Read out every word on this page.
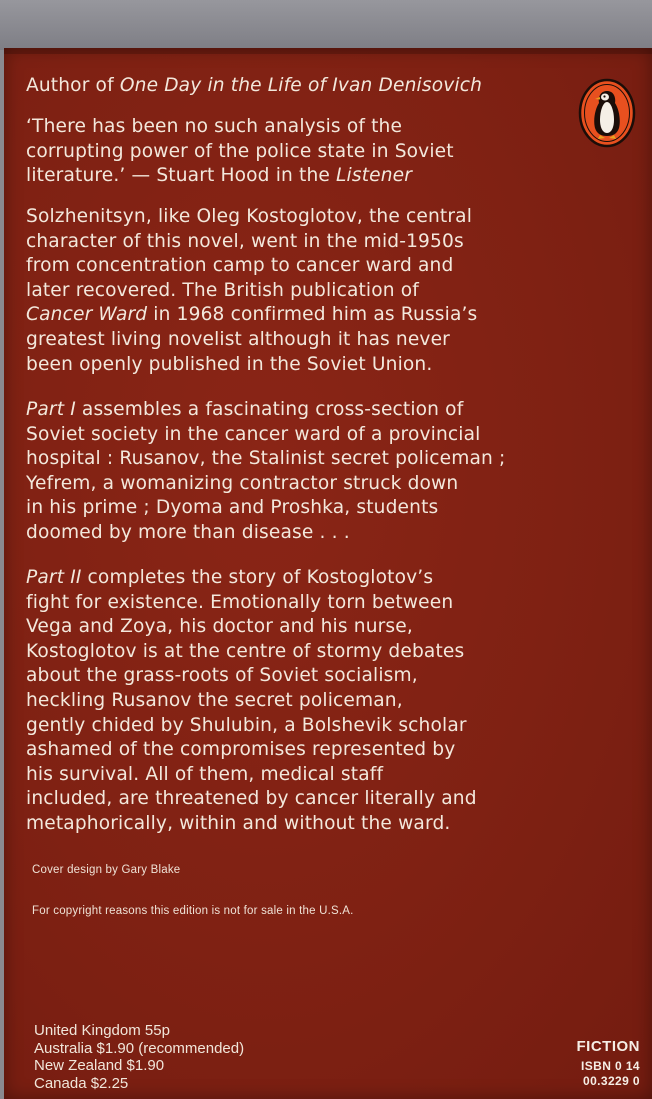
Author of One Day in the Life of Ivan Denisovich

‘There has been no such analysis of the
corrupting power of the police state in Soviet
literature.’ — Stuart Hood in the Listener

Solzhenitsyn, like Oleg Kostoglotov, the central
character of this novel, went in the mid-1950s
from concentration camp to cancer ward and
later recovered. The British publication of
Cancer Ward in 1968 confirmed him as Russia’s
greatest living novelist although it has never
been openly published in the Soviet Union.

Part I assembles a fascinating cross-section of
Soviet society in the cancer ward of a provincial
hospital : Rusanov, the Stalinist secret policeman ;
Yefrem, a womanizing contractor struck down
in his prime ; Dyoma and Proshka, students
doomed by more than disease . . .

Part II completes the story of Kostoglotov’s
fight for existence. Emotionally torn between
Vega and Zoya, his doctor and his nurse,
Kostoglotov is at the centre of stormy debates
about the grass-roots of Soviet socialism,
heckling Rusanov the secret policeman,
gently chided by Shulubin, a Bolshevik scholar
ashamed of the compromises represented by
his survival. All of them, medical staff
included, are threatened by cancer literally and
metaphorically, within and without the ward.

Cover design by Gary Blake
For copyright reasons this edition is not for sale in the U.S.A.
United Kingdom 55p
Australia $1.90 (recommended)
New Zealand $1.90
Canada $2.25
FICTION
ISBN 0 14
00.3229 0
